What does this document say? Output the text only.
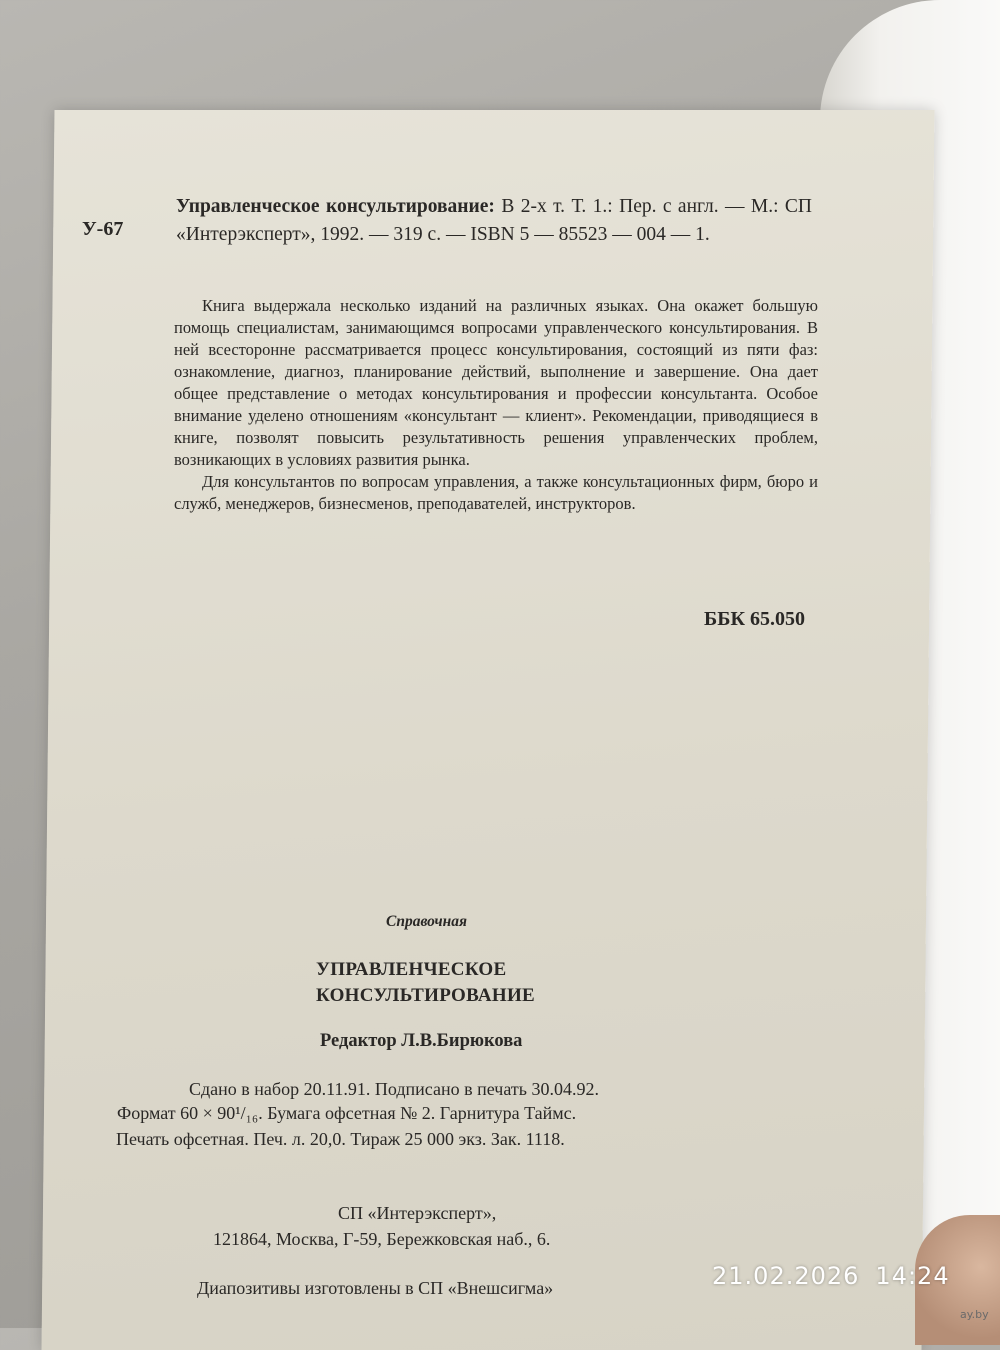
У-67
Управленческое консультирование: В 2-х т. Т. 1.: Пер. с англ. — М.: СП «Интерэксперт», 1992. — 319 с. — ISBN 5 — 85523 — 004 — 1.

Книга выдержала несколько изданий на различных языках. Она окажет большую помощь специалистам, занимающимся вопросами управленческого консультирования. В ней всесторонне рассматривается процесс консультирования, состоящий из пяти фаз: ознакомление, диагноз, планирование действий, выполнение и завершение. Она дает общее представление о методах консультирования и профессии консультанта. Особое внимание уделено отношениям «консультант — клиент». Рекомендации, приводящиеся в книге, позволят повысить результативность решения управленческих проблем, возникающих в условиях развития рынка.

Для консультантов по вопросам управления, а также консультационных фирм, бюро и служб, менеджеров, бизнесменов, преподавателей, инструкторов.

ББК 65.050
Справочная
УПРАВЛЕНЧЕСКОЕ
КОНСУЛЬТИРОВАНИЕ
Редактор Л.В.Бирюкова
Сдано в набор 20.11.91. Подписано в печать 30.04.92.
Формат 60 × 90¹/₁₆. Бумага офсетная № 2. Гарнитура Таймс.
Печать офсетная. Печ. л. 20,0. Тираж 25 000 экз. Зак. 1118.
СП «Интерэксперт»,
121864, Москва, Г-59, Бережковская наб., 6.
Диапозитивы изготовлены в СП «Внешсигма»	21.02.2026 14:24
ay.by
